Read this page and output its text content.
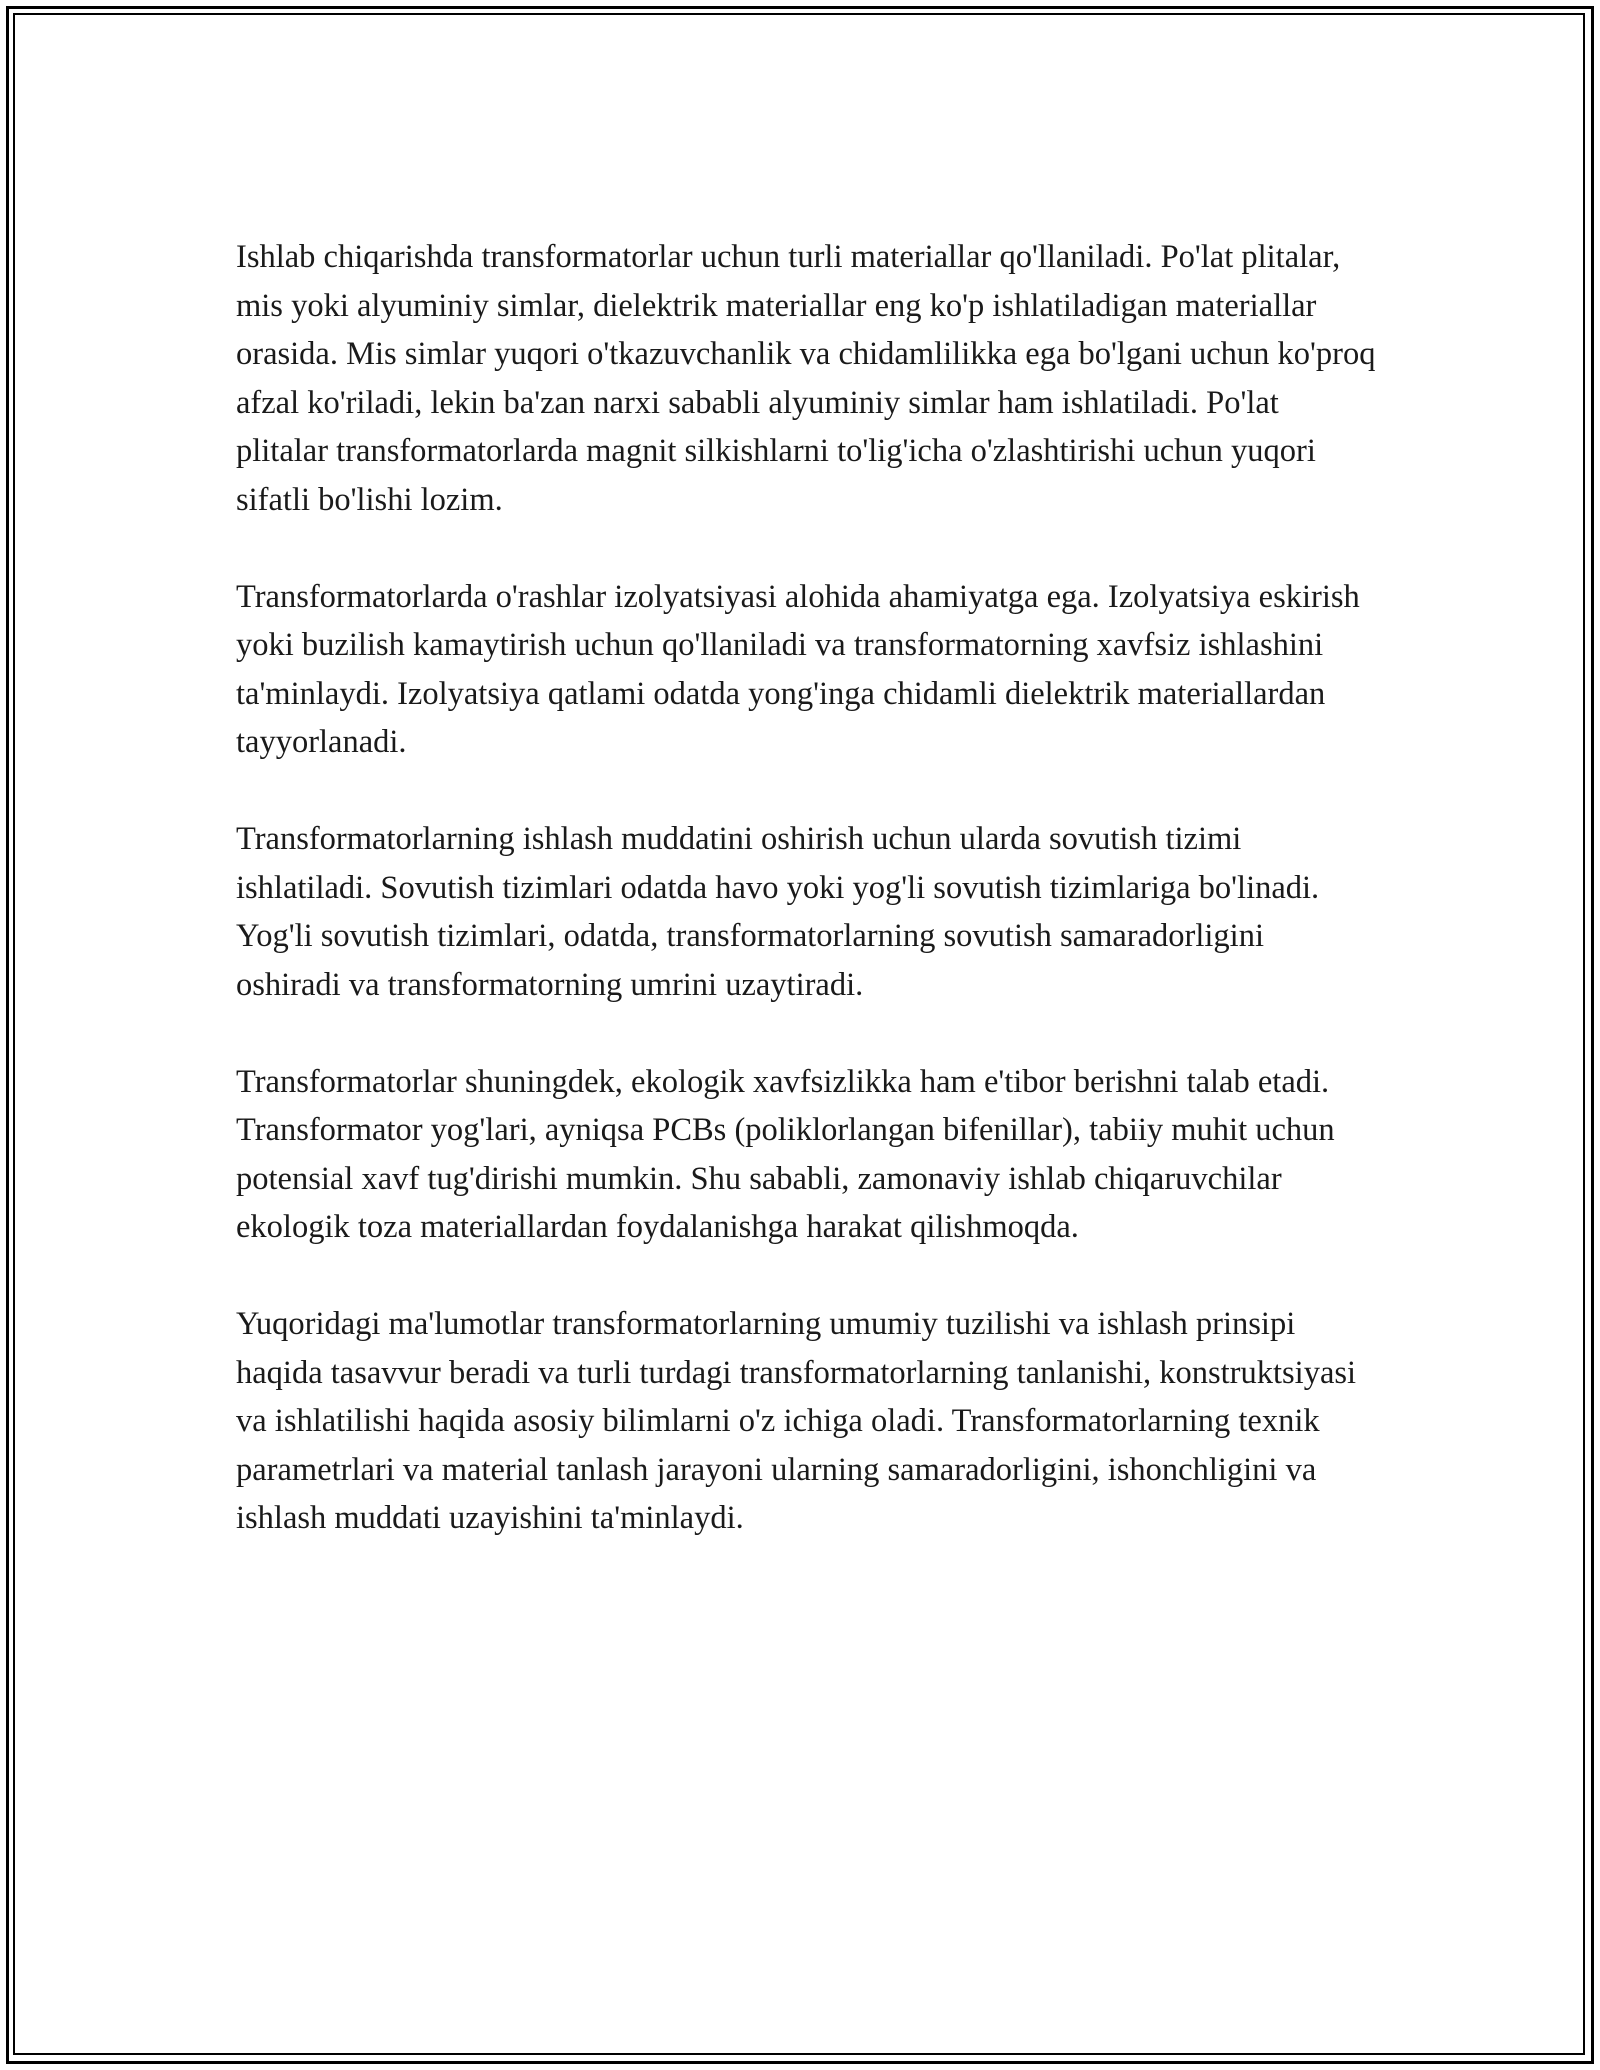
Ishlab chiqarishda transformatorlar uchun turli materiallar qo'llaniladi. Po'lat plitalar, mis yoki alyuminiy simlar, dielektrik materiallar eng ko'p ishlatiladigan materiallar orasida. Mis simlar yuqori o'tkazuvchanlik va chidamlilikka ega bo'lgani uchun ko'proq afzal ko'riladi, lekin ba'zan narxi sababli alyuminiy simlar ham ishlatiladi. Po'lat plitalar transformatorlarda magnit silkishlarni to'lig'icha o'zlashtirishi uchun yuqori sifatli bo'lishi lozim.

Transformatorlarda o'rashlar izolyatsiyasi alohida ahamiyatga ega. Izolyatsiya eskirish yoki buzilish kamaytirish uchun qo'llaniladi va transformatorning xavfsiz ishlashini ta'minlaydi. Izolyatsiya qatlami odatda yong'inga chidamli dielektrik materiallardan tayyorlanadi.

Transformatorlarning ishlash muddatini oshirish uchun ularda sovutish tizimi ishlatiladi. Sovutish tizimlari odatda havo yoki yog'li sovutish tizimlariga bo'linadi. Yog'li sovutish tizimlari, odatda, transformatorlarning sovutish samaradorligini oshiradi va transformatorning umrini uzaytiradi.

Transformatorlar shuningdek, ekologik xavfsizlikka ham e'tibor berishni talab etadi. Transformator yog'lari, ayniqsa PCBs (poliklorlangan bifenillar), tabiiy muhit uchun potensial xavf tug'dirishi mumkin. Shu sababli, zamonaviy ishlab chiqaruvchilar ekologik toza materiallardan foydalanishga harakat qilishmoqda.

Yuqoridagi ma'lumotlar transformatorlarning umumiy tuzilishi va ishlash prinsipi haqida tasavvur beradi va turli turdagi transformatorlarning tanlanishi, konstruktsiyasi va ishlatilishi haqida asosiy bilimlarni o'z ichiga oladi. Transformatorlarning texnik parametrlari va material tanlash jarayoni ularning samaradorligini, ishonchligini va ishlash muddati uzayishini ta'minlaydi.
